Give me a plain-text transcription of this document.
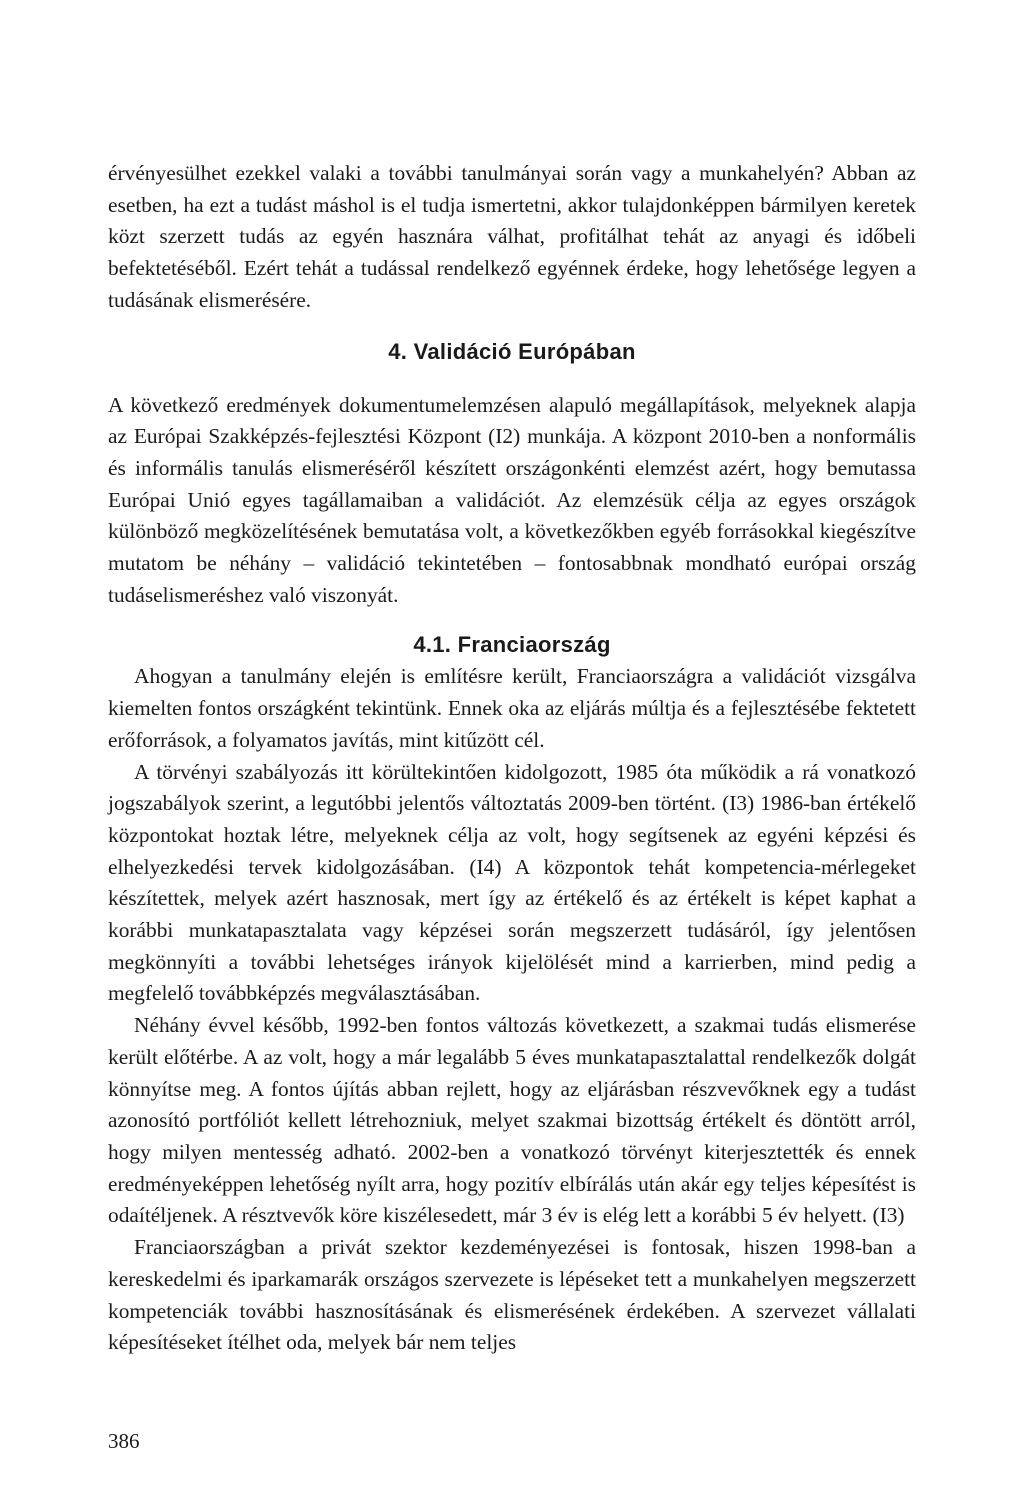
érvényesülhet ezekkel valaki a további tanulmányai során vagy a munkahelyén? Abban az esetben, ha ezt a tudást máshol is el tudja ismertetni, akkor tulajdonképpen bármilyen keretek közt szerzett tudás az egyén hasznára válhat, profitálhat tehát az anyagi és időbeli befektetéséből. Ezért tehát a tudással rendelkező egyénnek érdeke, hogy lehetősége legyen a tudásának elismerésére.

4. Validáció Európában

A következő eredmények dokumentumelemzésen alapuló megállapítások, melyeknek alapja az Európai Szakképzés-fejlesztési Központ (I2) munkája. A központ 2010-ben a nonformális és informális tanulás elismeréséről készített országonkénti elemzést azért, hogy bemutassa Európai Unió egyes tagállamaiban a validációt. Az elemzésük célja az egyes országok különböző megközelítésének bemutatása volt, a következőkben egyéb forrásokkal kiegészítve mutatom be néhány – validáció tekintetében – fontosabbnak mondható európai ország tudáselismeréshez való viszonyát.

4.1. Franciaország

Ahogyan a tanulmány elején is említésre került, Franciaországra a validációt vizsgálva kiemelten fontos országként tekintünk. Ennek oka az eljárás múltja és a fejlesztésébe fektetett erőforrások, a folyamatos javítás, mint kitűzött cél.

A törvényi szabályozás itt körültekintően kidolgozott, 1985 óta működik a rá vonatkozó jogszabályok szerint, a legutóbbi jelentős változtatás 2009-ben történt. (I3) 1986-ban értékelő központokat hoztak létre, melyeknek célja az volt, hogy segítsenek az egyéni képzési és elhelyezkedési tervek kidolgozásában. (I4) A központok tehát kompetencia-mérlegeket készítettek, melyek azért hasznosak, mert így az értékelő és az értékelt is képet kaphat a korábbi munkatapasztalata vagy képzései során megszerzett tudásáról, így jelentősen megkönnyíti a további lehetséges irányok kijelölését mind a karrierben, mind pedig a megfelelő továbbképzés megválasztásában.

Néhány évvel később, 1992-ben fontos változás következett, a szakmai tudás elismerése került előtérbe. A az volt, hogy a már legalább 5 éves munkatapasztalattal rendelkezők dolgát könnyítse meg. A fontos újítás abban rejlett, hogy az eljárásban részvevőknek egy a tudást azonosító portfóliót kellett létrehozniuk, melyet szakmai bizottság értékelt és döntött arról, hogy milyen mentesség adható. 2002-ben a vonatkozó törvényt kiterjesztették és ennek eredményeképpen lehetőség nyílt arra, hogy pozitív elbírálás után akár egy teljes képesítést is odaítéljenek. A résztvevők köre kiszélesedett, már 3 év is elég lett a korábbi 5 év helyett. (I3)

Franciaországban a privát szektor kezdeményezései is fontosak, hiszen 1998-ban a kereskedelmi és iparkamarák országos szervezete is lépéseket tett a munkahelyen megszerzett kompetenciák további hasznosításának és elismerésének érdekében. A szervezet vállalati képesítéseket ítélhet oda, melyek bár nem teljes

386
